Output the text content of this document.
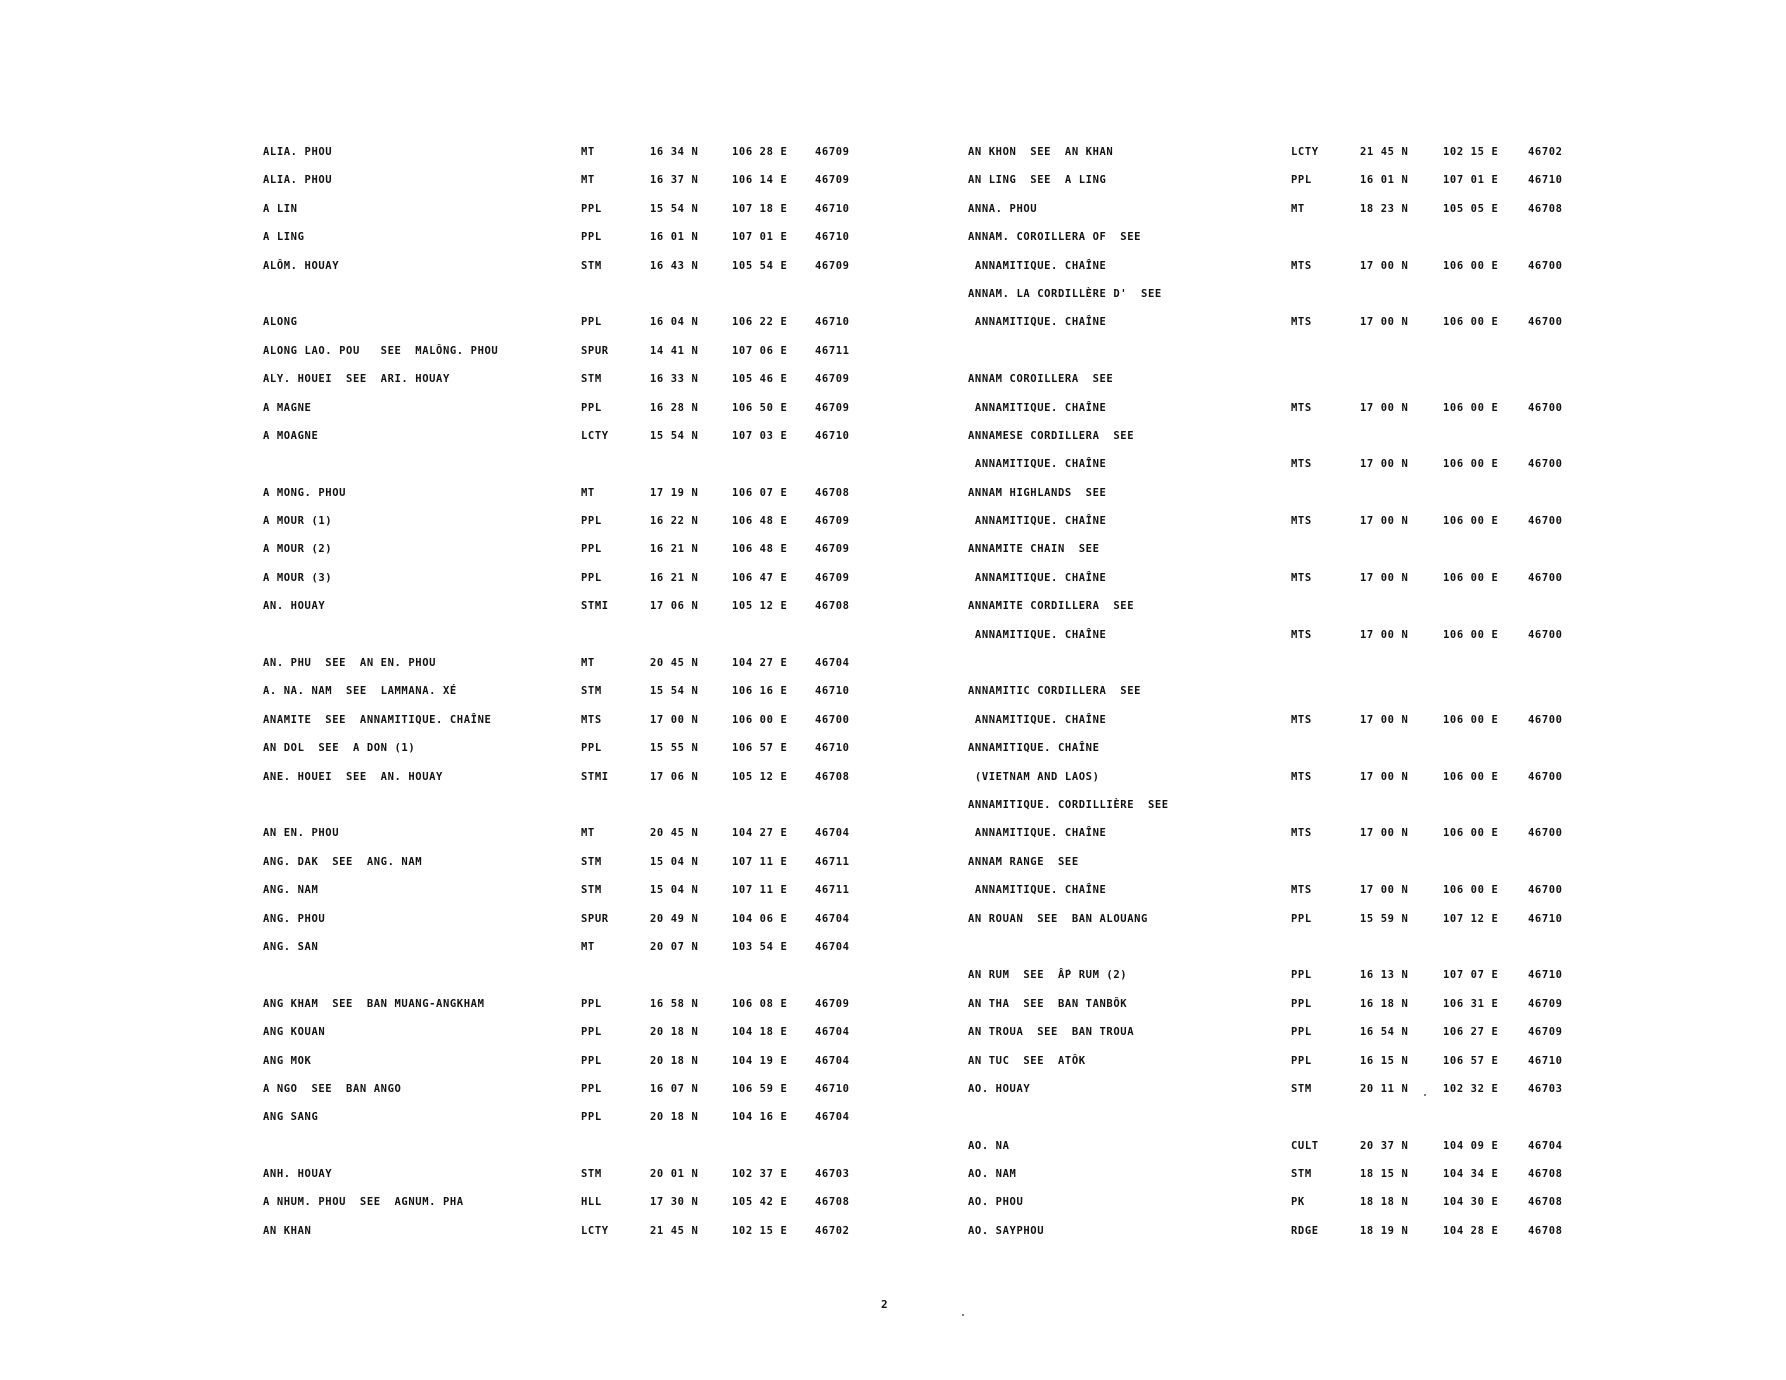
ALIA. PHOU	MT	16 34 N	106 28 E	46709
ALIA. PHOU	MT	16 37 N	106 14 E	46709
A LIN	PPL	15 54 N	107 18 E	46710
A LING	PPL	16 01 N	107 01 E	46710
ALÔM. HOUAY	STM	16 43 N	105 54 E	46709
ALONG	PPL	16 04 N	106 22 E	46710
ALONG LAO. POU   SEE  MALÔNG. PHOU	SPUR	14 41 N	107 06 E	46711
ALY. HOUEI  SEE  ARI. HOUAY	STM	16 33 N	105 46 E	46709
A MAGNE	PPL	16 28 N	106 50 E	46709
A MOAGNE	LCTY	15 54 N	107 03 E	46710
A MONG. PHOU	MT	17 19 N	106 07 E	46708
A MOUR (1)	PPL	16 22 N	106 48 E	46709
A MOUR (2)	PPL	16 21 N	106 48 E	46709
A MOUR (3)	PPL	16 21 N	106 47 E	46709
AN. HOUAY	STMI	17 06 N	105 12 E	46708
AN. PHU  SEE  AN EN. PHOU	MT	20 45 N	104 27 E	46704
A. NA. NAM  SEE  LAMMANA. XÉ	STM	15 54 N	106 16 E	46710
ANAMITE  SEE  ANNAMITIQUE. CHAÎNE	MTS	17 00 N	106 00 E	46700
AN DOL  SEE  A DON (1)	PPL	15 55 N	106 57 E	46710
ANE. HOUEI  SEE  AN. HOUAY	STMI	17 06 N	105 12 E	46708
AN EN. PHOU	MT	20 45 N	104 27 E	46704
ANG. DAK  SEE  ANG. NAM	STM	15 04 N	107 11 E	46711
ANG. NAM	STM	15 04 N	107 11 E	46711
ANG. PHOU	SPUR	20 49 N	104 06 E	46704
ANG. SAN	MT	20 07 N	103 54 E	46704
ANG KHAM  SEE  BAN MUANG-ANGKHAM	PPL	16 58 N	106 08 E	46709
ANG KOUAN	PPL	20 18 N	104 18 E	46704
ANG MOK	PPL	20 18 N	104 19 E	46704
A NGO  SEE  BAN ANGO	PPL	16 07 N	106 59 E	46710
ANG SANG	PPL	20 18 N	104 16 E	46704
ANH. HOUAY	STM	20 01 N	102 37 E	46703
A NHUM. PHOU  SEE  AGNUM. PHA	HLL	17 30 N	105 42 E	46708
AN KHAN	LCTY	21 45 N	102 15 E	46702
AN KHON  SEE  AN KHAN	LCTY	21 45 N	102 15 E	46702
AN LING  SEE  A LING	PPL	16 01 N	107 01 E	46710
ANNA. PHOU	MT	18 23 N	105 05 E	46708
ANNAM. COROILLERA OF  SEE
ANNAMITIQUE. CHAÎNE	MTS	17 00 N	106 00 E	46700
ANNAM. LA CORDILLÈRE D'  SEE
ANNAMITIQUE. CHAÎNE	MTS	17 00 N	106 00 E	46700
ANNAM COROILLERA  SEE
ANNAMITIQUE. CHAÎNE	MTS	17 00 N	106 00 E	46700
ANNAMESE CORDILLERA  SEE
ANNAMITIQUE. CHAÎNE	MTS	17 00 N	106 00 E	46700
ANNAM HIGHLANDS  SEE
ANNAMITIQUE. CHAÎNE	MTS	17 00 N	106 00 E	46700
ANNAMITE CHAIN  SEE
ANNAMITIQUE. CHAÎNE	MTS	17 00 N	106 00 E	46700
ANNAMITE CORDILLERA  SEE
ANNAMITIQUE. CHAÎNE	MTS	17 00 N	106 00 E	46700
ANNAMITIC CORDILLERA  SEE
ANNAMITIQUE. CHAÎNE	MTS	17 00 N	106 00 E	46700
ANNAMITIQUE. CHAÎNE
(VIETNAM AND LAOS)	MTS	17 00 N	106 00 E	46700
ANNAMITIQUE. CORDILLIÈRE  SEE
ANNAMITIQUE. CHAÎNE	MTS	17 00 N	106 00 E	46700
ANNAM RANGE  SEE
ANNAMITIQUE. CHAÎNE	MTS	17 00 N	106 00 E	46700
AN ROUAN  SEE  BAN ALOUANG	PPL	15 59 N	107 12 E	46710
AN RUM  SEE  ẤP RUM (2)	PPL	16 13 N	107 07 E	46710
AN THA  SEE  BAN TANBÔK	PPL	16 18 N	106 31 E	46709
AN TROUA  SEE  BAN TROUA	PPL	16 54 N	106 27 E	46709
AN TUC  SEE  ATÔK	PPL	16 15 N	106 57 E	46710
AO. HOUAY	STM	20 11 N	102 32 E	46703
AO. NA	CULT	20 37 N	104 09 E	46704
AO. NAM	STM	18 15 N	104 34 E	46708
AO. PHOU	PK	18 18 N	104 30 E	46708
AO. SAYPHOU	RDGE	18 19 N	104 28 E	46708
2
